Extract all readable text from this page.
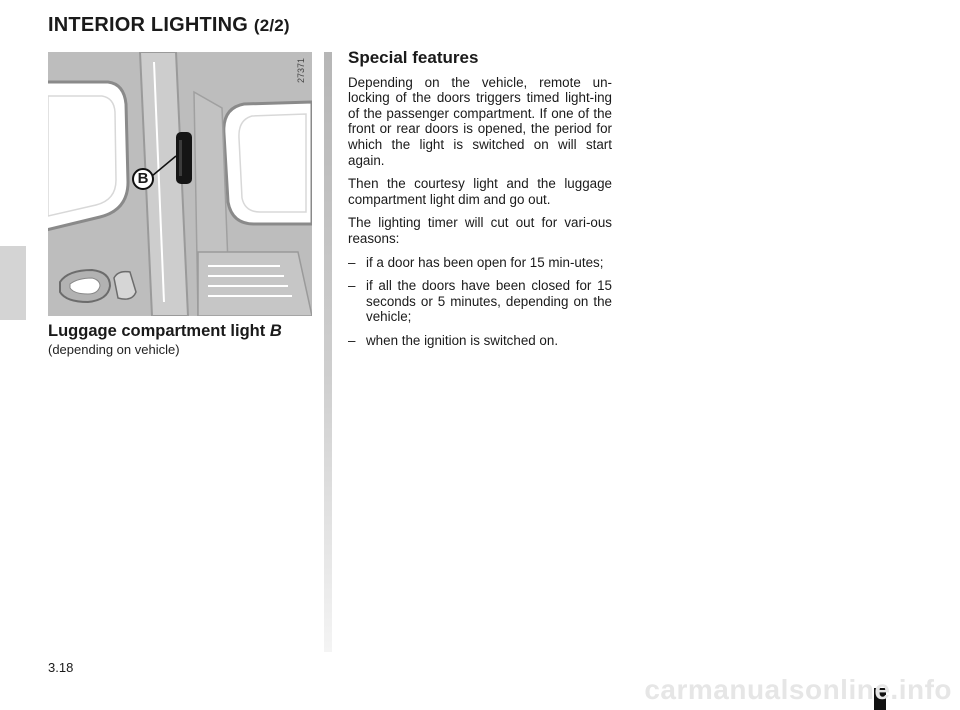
INTERIOR LIGHTING (2/2)
B
27371
Luggage compartment light B
(depending on vehicle)
Special features

Depending on the vehicle, remote un-locking of the doors triggers timed light-ing of the passenger compartment. If one of the front or rear doors is opened, the period for which the light is switched on will start again.

Then the courtesy light and the luggage compartment light dim and go out.

The lighting timer will cut out for vari-ous reasons:

– if a door has been open for 15 min-utes;
– if all the doors have been closed for 15 seconds or 5 minutes, depending on the vehicle;
– when the ignition is switched on.
3.18
carmanualsonline.info
